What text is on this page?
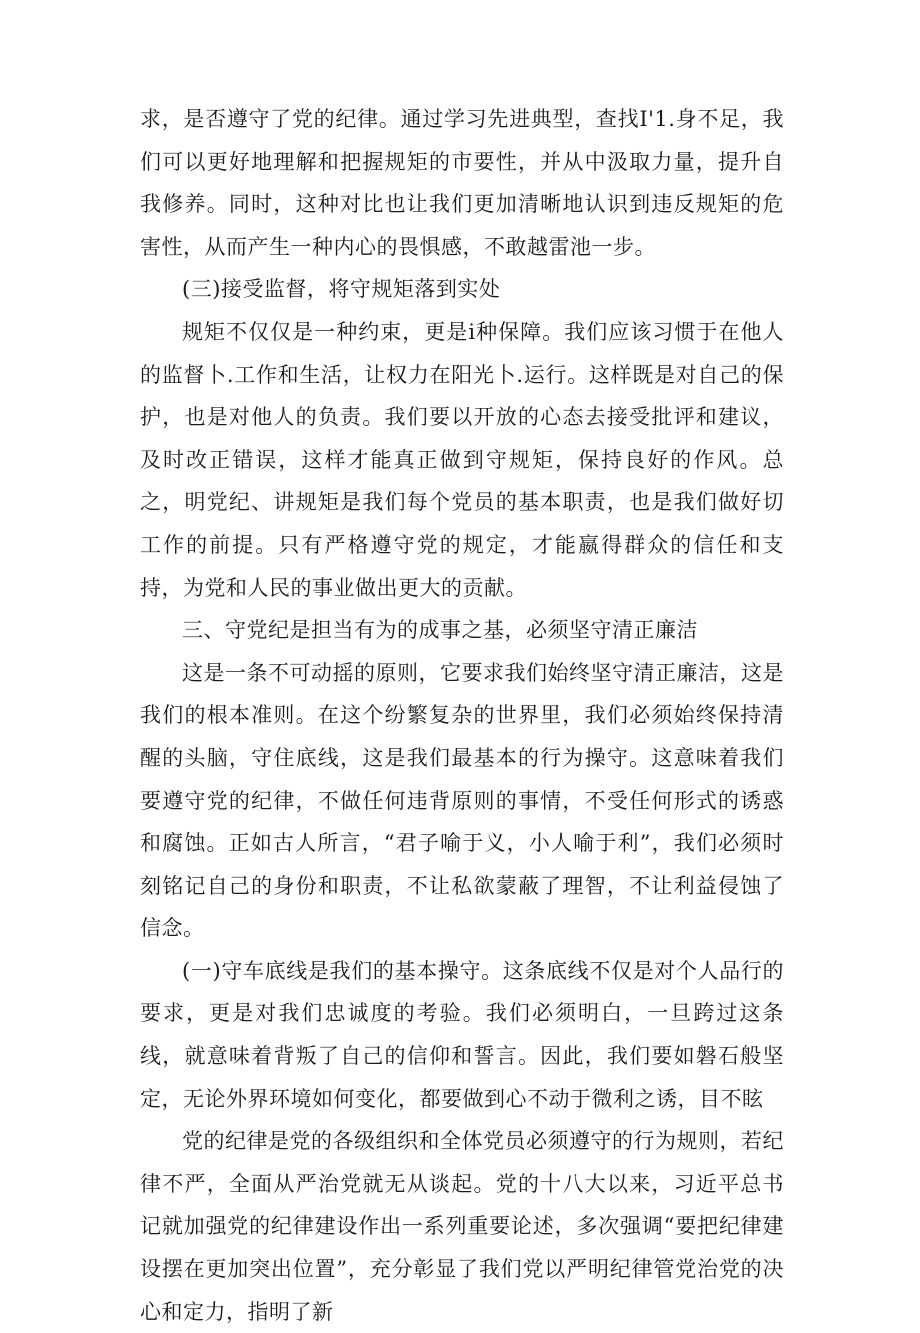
求，是否遵守了党的纪律。通过学习先进典型，查找I'1.身不足，我们可以更好地理解和把握规矩的市要性，并从中汲取力量，提升自我修养。同时，这种对比也让我们更加清晰地认识到违反规矩的危害性，从而产生一种内心的畏惧感，不敢越雷池一步。

(三)接受监督，将守规矩落到实处

规矩不仅仅是一种约束，更是i种保障。我们应该习惯于在他人的监督卜.工作和生活，让权力在阳光卜.运行。这样既是对自己的保护，也是对他人的负责。我们要以开放的心态去接受批评和建议，及时改正错误，这样才能真正做到守规矩，保持良好的作风。总之，明党纪、讲规矩是我们每个党员的基本职责，也是我们做好切工作的前提。只有严格遵守党的规定，才能嬴得群众的信任和支持，为党和人民的事业做出更大的贡献。

三、守党纪是担当有为的成事之基，必须坚守清正廉洁

这是一条不可动摇的原则，它要求我们始终坚守清正廉洁，这是我们的根本准则。在这个纷繁复杂的世界里，我们必须始终保持清醒的头脑，守住底线，这是我们最基本的行为操守。这意味着我们要遵守党的纪律，不做任何违背原则的事情，不受任何形式的诱惑和腐蚀。正如古人所言，“君子喻于义，小人喻于利”，我们必须时刻铭记自己的身份和职责，不让私欲蒙蔽了理智，不让利益侵蚀了信念。

(一)守车底线是我们的基本操守。这条底线不仅是对个人品行的要求，更是对我们忠诚度的考验。我们必须明白，一旦跨过这条线，就意味着背叛了自己的信仰和誓言。因此，我们要如磐石般坚定，无论外界环境如何变化，都要做到心不动于微利之诱，目不眩

党的纪律是党的各级组织和全体党员必须遵守的行为规则，若纪律不严，全面从严治党就无从谈起。党的十八大以来，习近平总书记就加强党的纪律建设作出一系列重要论述，多次强调“要把纪律建设摆在更加突出位置”，充分彰显了我们党以严明纪律管党治党的决心和定力，指明了新
